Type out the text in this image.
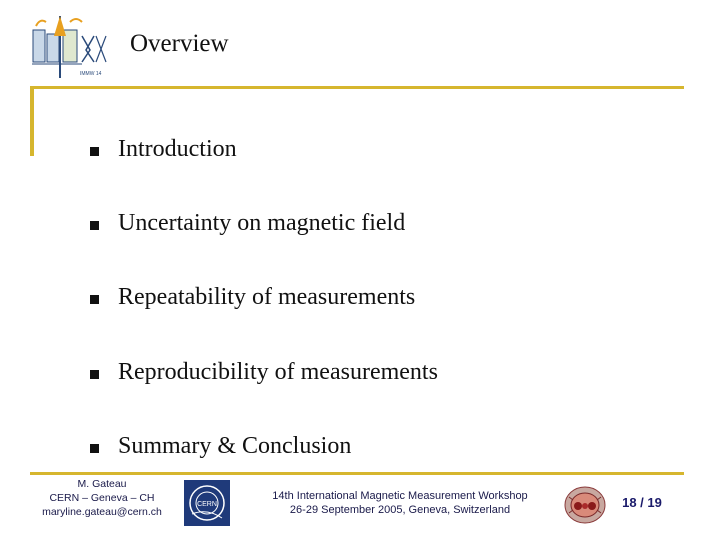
IMMW 14
Overview
Introduction
Uncertainty on magnetic field
Repeatability of measurements
Reproducibility of measurements
Summary & Conclusion
M. Gateau
CERN – Geneva – CH
maryline.gateau@cern.ch
CERN
14th International Magnetic Measurement Workshop
26-29 September 2005, Geneva, Switzerland	18 / 19
